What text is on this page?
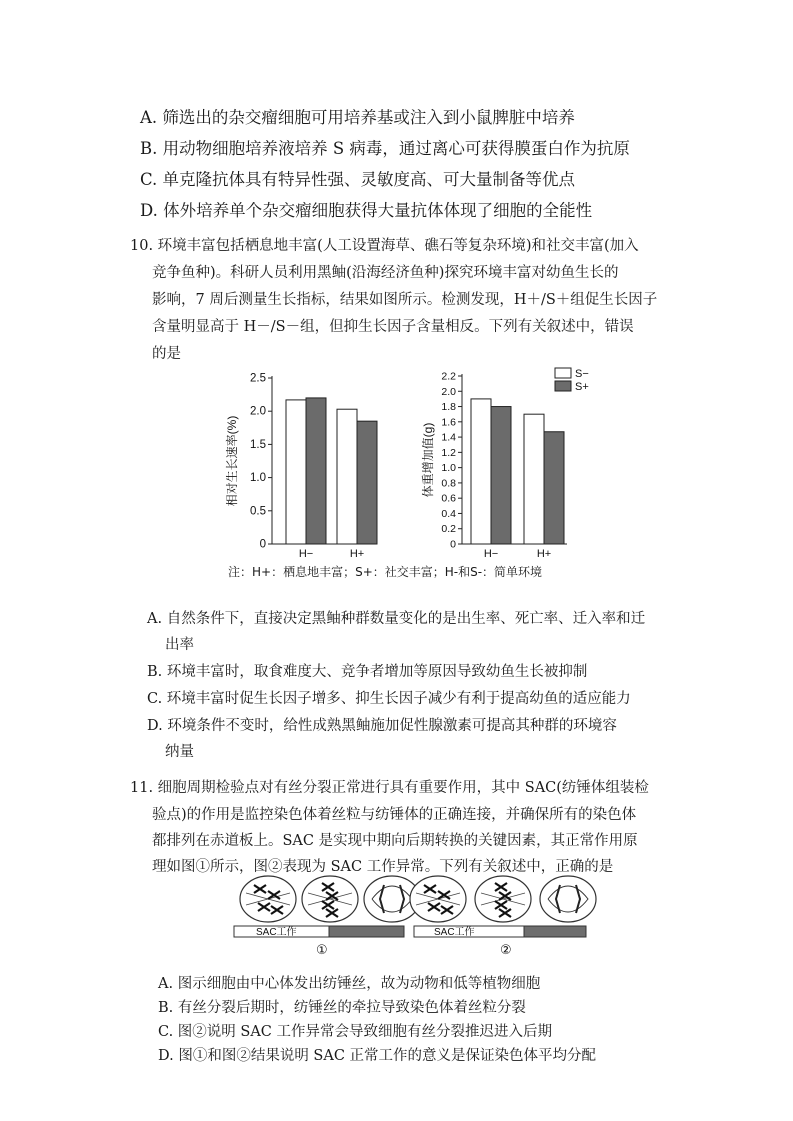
A. 筛选出的杂交瘤细胞可用培养基或注入到小鼠脾脏中培养
B. 用动物细胞培养液培养 S 病毒，通过离心可获得膜蛋白作为抗原
C. 单克隆抗体具有特异性强、灵敏度高、可大量制备等优点
D. 体外培养单个杂交瘤细胞获得大量抗体体现了细胞的全能性
10. 环境丰富包括栖息地丰富(人工设置海草、礁石等复杂环境)和社交丰富(加入
竞争鱼种)。科研人员利用黑鲉(沿海经济鱼种)探究环境丰富对幼鱼生长的
影响，7 周后测量生长指标，结果如图所示。检测发现，H＋/S＋组促生长因子
含量明显高于 H－/S－组，但抑生长因子含量相反。下列有关叙述中，错误
的是
0
0.5
1.0
1.5
2.0
2.5
相对生长速率(%)
H−	H+
0
0.2
0.4
0.6
0.8
1.0
1.2
1.4
1.6
1.8
2.0
2.2
体重增加值(g)
H−	H+
S−
S+
注：H+：栖息地丰富；S+：社交丰富；H-和S-：简单环境
A. 自然条件下，直接决定黑鲉种群数量变化的是出生率、死亡率、迁入率和迁
出率
B. 环境丰富时，取食难度大、竞争者增加等原因导致幼鱼生长被抑制
C. 环境丰富时促生长因子增多、抑生长因子减少有利于提高幼鱼的适应能力
D. 环境条件不变时，给性成熟黑鲉施加促性腺激素可提高其种群的环境容
纳量
11. 细胞周期检验点对有丝分裂正常进行具有重要作用，其中 SAC(纺锤体组装检
验点)的作用是监控染色体着丝粒与纺锤体的正确连接，并确保所有的染色体
都排列在赤道板上。SAC 是实现中期向后期转换的关键因素，其正常作用原
理如图①所示，图②表现为 SAC 工作异常。下列有关叙述中，正确的是
SAC工作
①
SAC工作
②
A. 图示细胞由中心体发出纺锤丝，故为动物和低等植物细胞
B. 有丝分裂后期时，纺锤丝的牵拉导致染色体着丝粒分裂
C. 图②说明 SAC 工作异常会导致细胞有丝分裂推迟进入后期
D. 图①和图②结果说明 SAC 正常工作的意义是保证染色体平均分配
